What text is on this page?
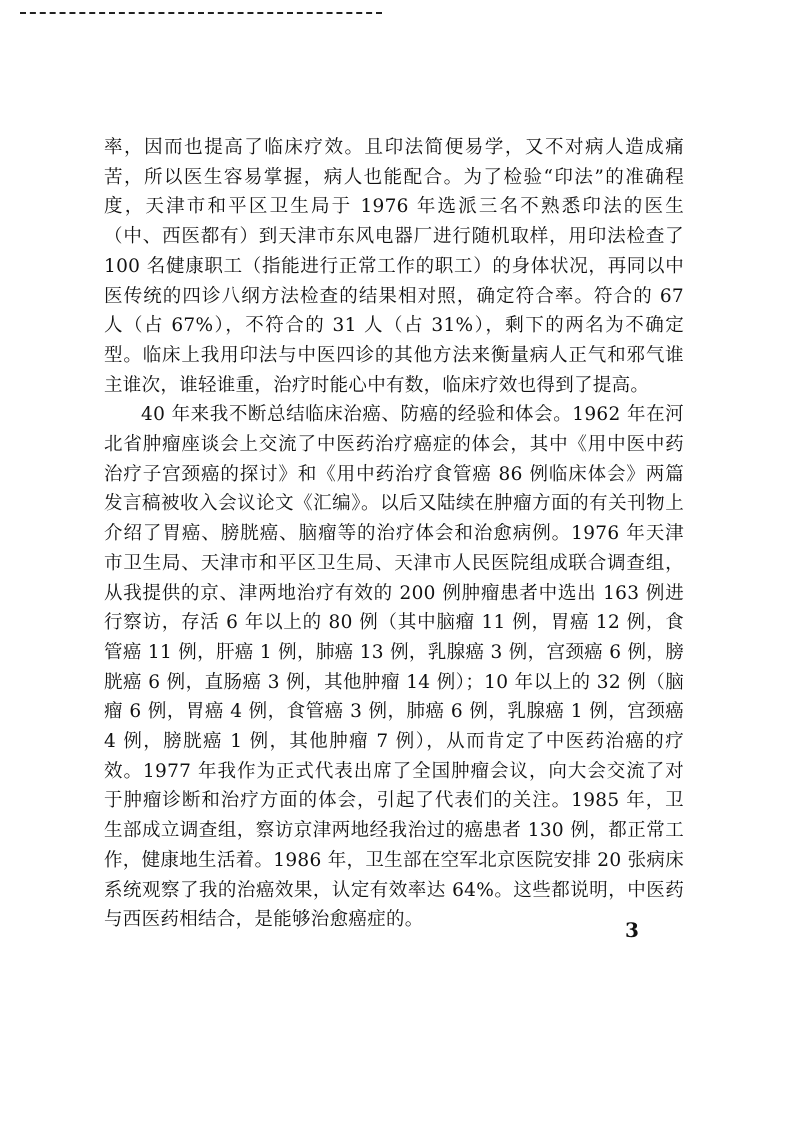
率，因而也提高了临床疗效。且印法简便易学，又不对病人造成痛苦，所以医生容易掌握，病人也能配合。为了检验“印法”的准确程度，天津市和平区卫生局于 1976 年选派三名不熟悉印法的医生（中、西医都有）到天津市东风电器厂进行随机取样，用印法检查了 100 名健康职工（指能进行正常工作的职工）的身体状况，再同以中医传统的四诊八纲方法检查的结果相对照，确定符合率。符合的 67 人（占 67%），不符合的 31 人（占 31%），剩下的两名为不确定型。临床上我用印法与中医四诊的其他方法来衡量病人正气和邪气谁主谁次，谁轻谁重，治疗时能心中有数，临床疗效也得到了提高。

40 年来我不断总结临床治癌、防癌的经验和体会。1962 年在河北省肿瘤座谈会上交流了中医药治疗癌症的体会，其中《用中医中药治疗子宫颈癌的探讨》和《用中药治疗食管癌 86 例临床体会》两篇发言稿被收入会议论文《汇编》。以后又陆续在肿瘤方面的有关刊物上介绍了胃癌、膀胱癌、脑瘤等的治疗体会和治愈病例。1976 年天津市卫生局、天津市和平区卫生局、天津市人民医院组成联合调查组，从我提供的京、津两地治疗有效的 200 例肿瘤患者中选出 163 例进行察访，存活 6 年以上的 80 例（其中脑瘤 11 例，胃癌 12 例，食管癌 11 例，肝癌 1 例，肺癌 13 例，乳腺癌 3 例，宫颈癌 6 例，膀胱癌 6 例，直肠癌 3 例，其他肿瘤 14 例）；10 年以上的 32 例（脑瘤 6 例，胃癌 4 例，食管癌 3 例，肺癌 6 例，乳腺癌 1 例，宫颈癌 4 例，膀胱癌 1 例，其他肿瘤 7 例），从而肯定了中医药治癌的疗效。1977 年我作为正式代表出席了全国肿瘤会议，向大会交流了对于肿瘤诊断和治疗方面的体会，引起了代表们的关注。1985 年，卫生部成立调查组，察访京津两地经我治过的癌患者 130 例，都正常工作，健康地生活着。1986 年，卫生部在空军北京医院安排 20 张病床系统观察了我的治癌效果，认定有效率达 64%。这些都说明，中医药与西医药相结合，是能够治愈癌症的。	3
